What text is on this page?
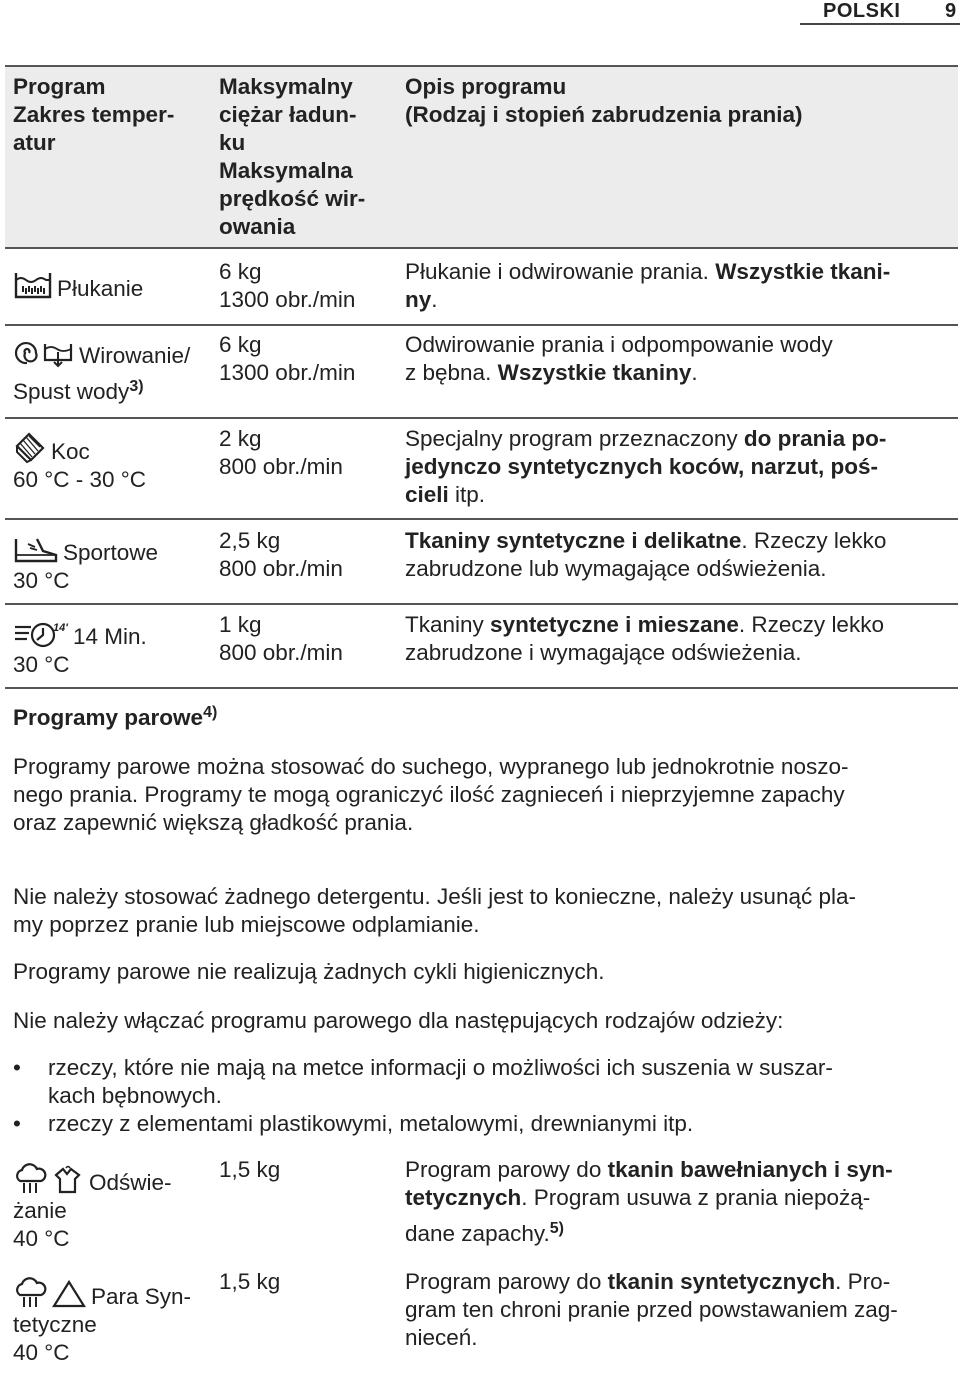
POLSKI 9
Program
Zakres temper-
atur
Maksymalny
ciężar ładun-
ku
Maksymalna
prędkość wir-
owania
Opis programu
(Rodzaj i stopień zabrudzenia prania)
Płukanie
6 kg
1300 obr./min
Płukanie i odwirowanie prania. Wszystkie tkani-
ny.
Wirowanie/
Spust wody$^{3)}$
6 kg
1300 obr./min
Odwirowanie prania i odpompowanie wody
z bębna. Wszystkie tkaniny.
Koc
60 °C - 30 °C
2 kg
800 obr./min
Specjalny program przeznaczony do prania po-
jedynczo syntetycznych koców, narzut, poś-
cieli itp.
Sportowe
30 °C
2,5 kg
800 obr./min
Tkaniny syntetyczne i delikatne. Rzeczy lekko
zabrudzone lub wymagające odświeżenia.
14' 14 Min.
30 °C
1 kg
800 obr./min
Tkaniny syntetyczne i mieszane. Rzeczy lekko
zabrudzone i wymagające odświeżenia.
Programy parowe$^{4)}$
Programy parowe można stosować do suchego, wypranego lub jednokrotnie noszo-
nego prania. Programy te mogą ograniczyć ilość zagnieceń i nieprzyjemne zapachy
oraz zapewnić większą gładkość prania.
Nie należy stosować żadnego detergentu. Jeśli jest to konieczne, należy usunąć pla-
my poprzez pranie lub miejscowe odplamianie.
Programy parowe nie realizują żadnych cykli higienicznych.
Nie należy włączać programu parowego dla następujących rodzajów odzieży:
• rzeczy, które nie mają na metce informacji o możliwości ich suszenia w suszar-
kach bębnowych.
• rzeczy z elementami plastikowymi, metalowymi, drewnianymi itp.
Odświe-
żanie
40 °C
1,5 kg	Program parowy do tkanin bawełnianych i syn-
tetycznych. Program usuwa z prania niepożą-
dane zapachy.$^{5)}$
Para Syn-
tetyczne
40 °C
1,5 kg	Program parowy do tkanin syntetycznych. Pro-
gram ten chroni pranie przed powstawaniem zag-
nieceń.
